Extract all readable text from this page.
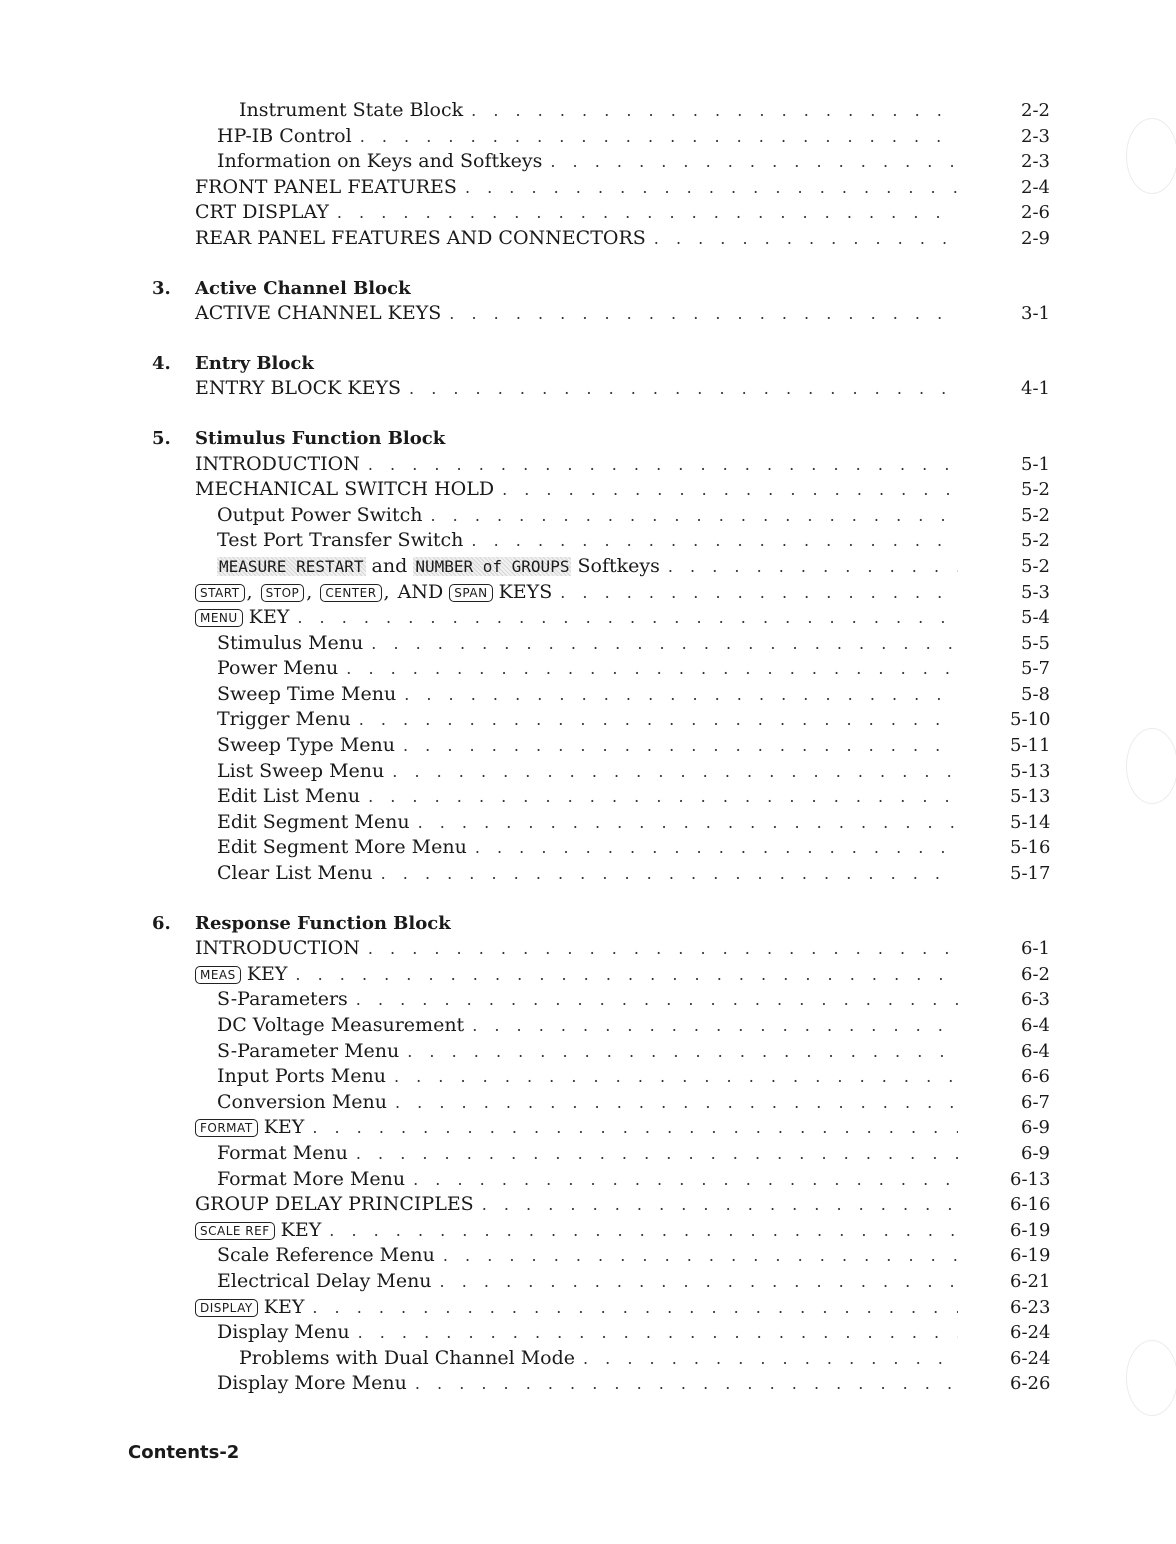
Instrument State Block . . .	2-2
HP-IB Control . . .	2-3
Information on Keys and Softkeys . . .	2-3
FRONT PANEL FEATURES . . .	2-4
CRT DISPLAY . . .	2-6
REAR PANEL FEATURES AND CONNECTORS . . .	2-9
3.	Active Channel Block
ACTIVE CHANNEL KEYS . . .	3-1
4.	Entry Block
ENTRY BLOCK KEYS . . .	4-1
5.	Stimulus Function Block
INTRODUCTION . . .	5-1
MECHANICAL SWITCH HOLD . . .	5-2
Output Power Switch . . .	5-2
Test Port Transfer Switch . . .	5-2
MEASURE RESTART and NUMBER of GROUPS Softkeys . . .	5-2
START , STOP , CENTER , AND SPAN KEYS . . .	5-3
MENU KEY . . .	5-4
Stimulus Menu . . .	5-5
Power Menu . . .	5-7
Sweep Time Menu . . .	5-8
Trigger Menu . . .	5-10
Sweep Type Menu . . .	5-11
List Sweep Menu . . .	5-13
Edit List Menu . . .	5-13
Edit Segment Menu . . .	5-14
Edit Segment More Menu . . .	5-16
Clear List Menu . . .	5-17
6.	Response Function Block
INTRODUCTION . . .	6-1
MEAS KEY . . .	6-2
S-Parameters . . .	6-3
DC Voltage Measurement . . .	6-4
S-Parameter Menu . . .	6-4
Input Ports Menu . . .	6-6
Conversion Menu . . .	6-7
FORMAT KEY . . .	6-9
Format Menu . . .	6-9
Format More Menu . . .	6-13
GROUP DELAY PRINCIPLES . . .	6-16
SCALE REF KEY . . .	6-19
Scale Reference Menu . . .	6-19
Electrical Delay Menu . . .	6-21
DISPLAY KEY . . .	6-23
Display Menu . . .	6-24
Problems with Dual Channel Mode . . .	6-24
Display More Menu . . .	6-26
Contents-2
